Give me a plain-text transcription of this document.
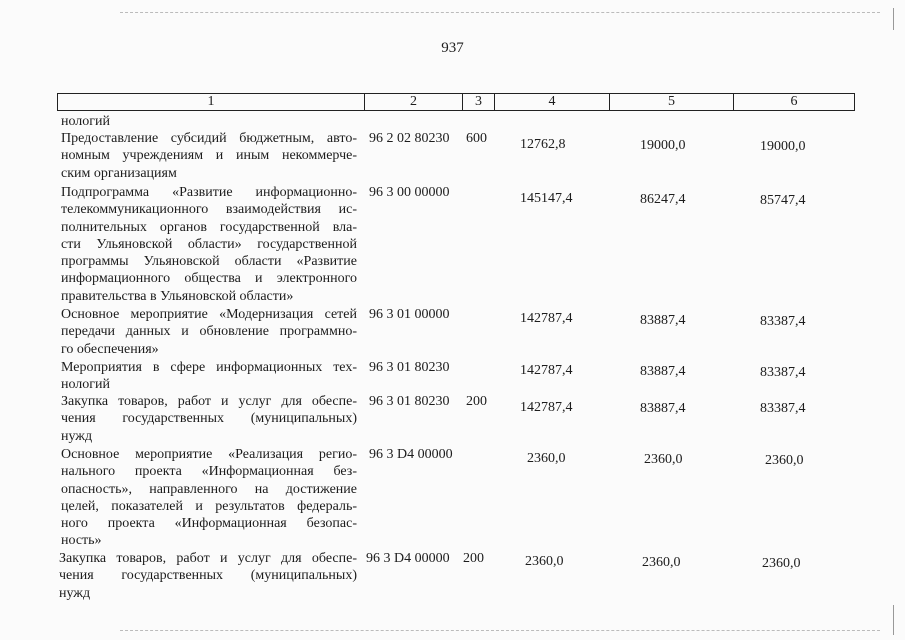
937
1	2	3	4	5	6
нологий
Предоставление субсидий бюджетным, авто-
номным учреждениям и иным некоммерче-
ским организациям
96 2 02 80230 600 12762,8	19000,0	19000,0
Подпрограмма «Развитие информационно-
телекоммуникационного взаимодействия ис-
полнительных органов государственной вла-
сти Ульяновской области» государственной
программы Ульяновской области «Развитие
информационного общества и электронного
правительства в Ульяновской области»
96 3 00 00000	145147,4	86247,4	85747,4
Основное мероприятие «Модернизация сетей
передачи данных и обновление программно-
го обеспечения»
96 3 01 00000	142787,4	83887,4	83387,4
Мероприятия в сфере информационных тех-
нологий
96 3 01 80230	142787,4	83887,4	83387,4
Закупка товаров, работ и услуг для обеспе-
чения государственных (муниципальных)
нужд
96 3 01 80230 200 142787,4	83887,4	83387,4
Основное мероприятие «Реализация регио-
нального проекта «Информационная без-
опасность», направленного на достижение
целей, показателей и результатов федераль-
ного проекта «Информационная безопас-
ность»
96 3 D4 00000	2360,0	2360,0	2360,0
Закупка товаров, работ и услуг для обеспе-
чения государственных (муниципальных)
нужд
96 3 D4 00000 200	2360,0	2360,0	2360,0
